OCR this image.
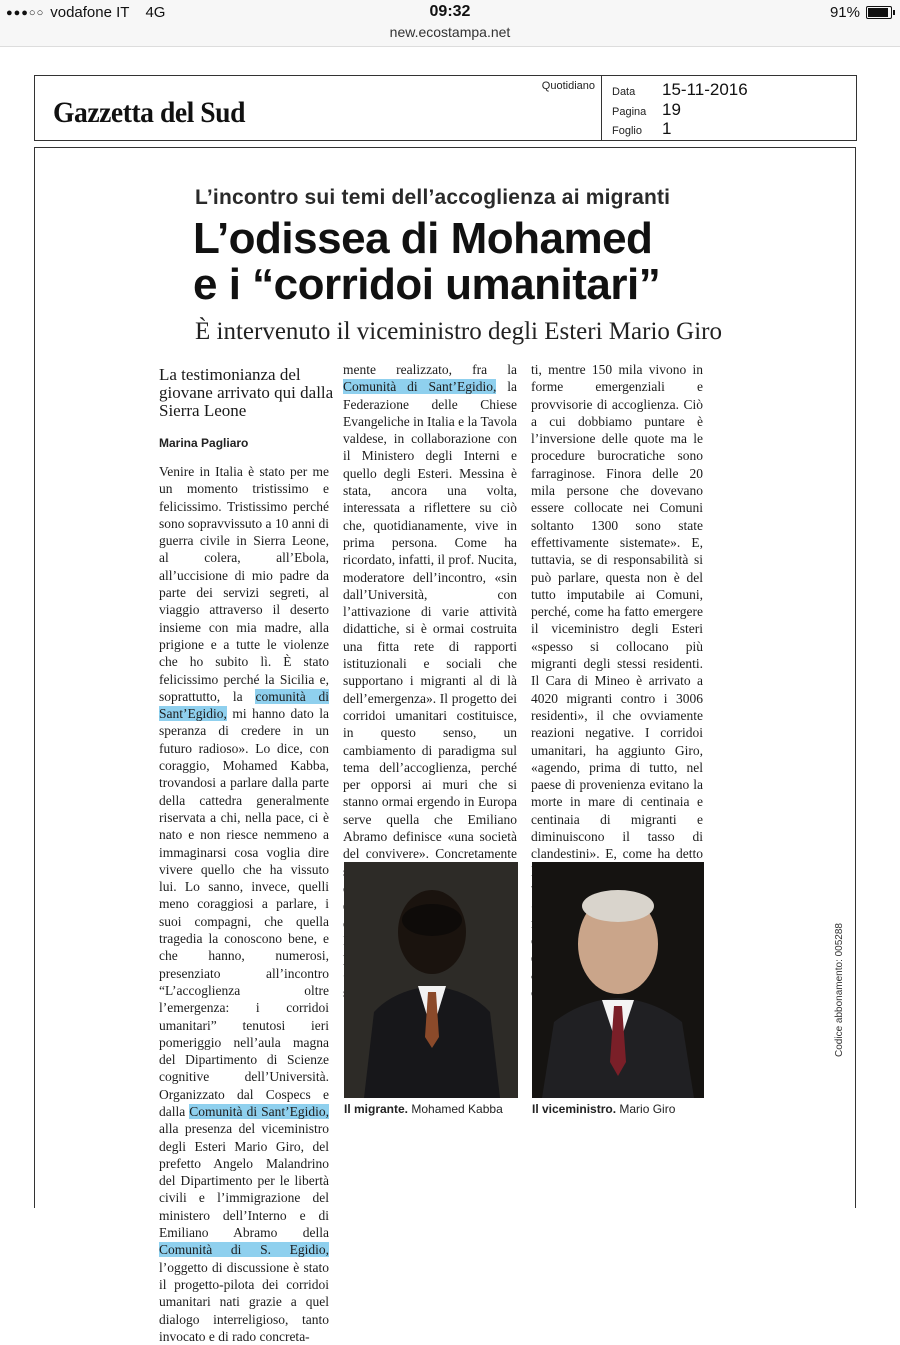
●●●○○ vodafone IT 4G	09:32	91%
new.ecostampa.net
Gazzetta del Sud
Quotidiano Data	15-11-2016
Pagina 19
Foglio	1
L’incontro sui temi dell’accoglienza ai migranti
L’odissea di Mohamed
e i “corridoi umanitari”
È intervenuto il viceministro degli Esteri Mario Giro
La testimonianza del giovane arrivato qui dalla Sierra Leone
Marina Pagliaro

Venire in Italia è stato per me un momento tristissimo e felicissimo. Tristissimo perché sono sopravvissuto a 10 anni di guerra civile in Sierra Leone, al colera, all’Ebola, all’uccisione di mio padre da parte dei servizi segreti, al viaggio attraverso il deserto insieme con mia madre, alla prigione e a tutte le violenze che ho subito lì. È stato felicissimo perché la Sicilia e, soprattutto, la comunità di Sant’Egidio, mi hanno dato la speranza di credere in un futuro radioso». Lo dice, con coraggio, Mohamed Kabba, trovandosi a parlare dalla parte della cattedra generalmente riservata a chi, nella pace, ci è nato e non riesce nemmeno a immaginarsi cosa voglia dire vivere quello che ha vissuto lui. Lo sanno, invece, quelli meno coraggiosi a parlare, i suoi compagni, che quella tragedia la conoscono bene, e che hanno, numerosi, presenziato all’incontro “L’accoglienza oltre l’emergenza: i corridoi umanitari” tenutosi ieri pomeriggio nell’aula magna del Dipartimento di Scienze cognitive dell’Università. Organizzato dal Cospecs e dalla Comunità di Sant’Egidio, alla presenza del viceministro degli Esteri Mario Giro, del prefetto Angelo Malandrino del Dipartimento per le libertà civili e l’immigrazione del ministero dell’Interno e di Emiliano Abramo della Comunità di S. Egidio, l’oggetto di discussione è stato il progetto-pilota dei corridoi umanitari nati grazie a quel dialogo interreligioso, tanto invocato e di rado concreta-

mente realizzato, fra la Comunità di Sant’Egidio, la Federazione delle Chiese Evangeliche in Italia e la Tavola valdese, in collaborazione con il Ministero degli Interni e quello degli Esteri. Messina è stata, ancora una volta, interessata a riflettere su ciò che, quotidianamente, vive in prima persona. Come ha ricordato, infatti, il prof. Nucita, moderatore dell’incontro, «sin dall’Università, con l’attivazione di varie attività didattiche, si è ormai costruita una fitta rete di rapporti istituzionali e sociali che supportano i migranti al di là dell’emergenza». Il progetto dei corridoi umanitari costituisce, in questo senso, un cambiamento di paradigma sul tema dell’accoglienza, perché per opporsi ai muri che si stanno ormai ergendo in Europa serve quella che Emiliano Abramo definisce «una società del convivere». Concretamente

ti, mentre 150 mila vivono in forme emergenziali e provvisorie di accoglienza. Ciò a cui dobbiamo puntare è l’inversione delle quote ma le procedure burocratiche sono farraginose. Finora delle 20 mila persone che dovevano essere collocate nei Comuni soltanto 1300 sono state effettivamente sistemate». E, tuttavia, se di responsabilità si può parlare, questa non è del tutto imputabile ai Comuni, perché, come ha fatto emergere il viceministro degli Esteri «spesso si collocano più migranti degli stessi residenti. Il Cara di Mineo è arrivato a 4020 migranti contro i 3006 residenti», il che ovviamente reazioni negative. I corridoi umanitari, ha aggiunto Giro, «agendo, prima di tutto, nel paese di provenienza evitano la morte in mare di centinaia e centinaia di migranti e diminuiscono il tasso di clandestini». E, come ha detto

Il migrante. Mohamed Kabba Il viceministro. Mario Giro
Codice abbonamento: 005288
